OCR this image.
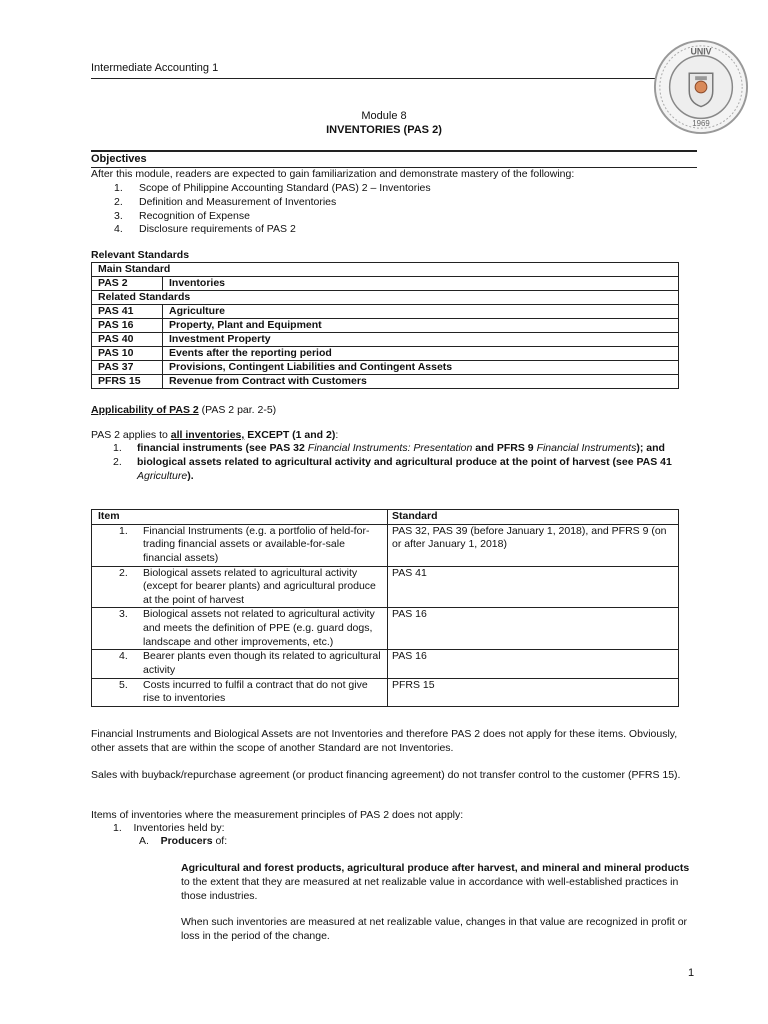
Intermediate Accounting 1
UNIV
1969
Module 8
INVENTORIES (PAS 2)
Objectives
After this module, readers are expected to gain familiarization and demonstrate mastery of the following:
1.	Scope of Philippine Accounting Standard (PAS) 2 – Inventories
2.	Definition and Measurement of Inventories
3.	Recognition of Expense
4.	Disclosure requirements of PAS 2
Relevant Standards
Main Standard	
PAS 2	Inventories
Related Standards	
PAS 41	Agriculture
PAS 16	Property, Plant and Equipment
PAS 40	Investment Property
PAS 10	Events after the reporting period
PAS 37	Provisions, Contingent Liabilities and Contingent Assets
PFRS 15	Revenue from Contract with Customers
Applicability of PAS 2 (PAS 2 par. 2-5)
PAS 2 applies to all inventories, EXCEPT (1 and 2):
1. financial instruments (see PAS 32 Financial Instruments: Presentation and PFRS 9 Financial Instruments); and
2. biological assets related to agricultural activity and agricultural produce at the point of harvest (see PAS 41 Agriculture).
Item	Standard

1. Financial Instruments (e.g. a portfolio of held-for-trading financial assets or available-for-sale financial assets)	PAS 32, PAS 39 (before January 1, 2018), and PFRS 9 (on or after January 1, 2018)

2. Biological assets related to agricultural activity (except for bearer plants) and agricultural produce at the point of harvest	PAS 41

3. Biological assets not related to agricultural activity and meets the definition of PPE (e.g. guard dogs, landscape and other improvements, etc.)	PAS 16

4. Bearer plants even though its related to agricultural activity	PAS 16

5. Costs incurred to fulfil a contract that do not give rise to inventories	PFRS 15
Financial Instruments and Biological Assets are not Inventories and therefore PAS 2 does not apply for these items. Obviously, other assets that are within the scope of another Standard are not Inventories.
Sales with buyback/repurchase agreement (or product financing agreement) do not transfer control to the customer (PFRS 15).
Items of inventories where the measurement principles of PAS 2 does not apply:
1. Inventories held by:
A. Producers of:
Agricultural and forest products, agricultural produce after harvest, and mineral and mineral products to the extent that they are measured at net realizable value in accordance with well-established practices in those industries.
When such inventories are measured at net realizable value, changes in that value are recognized in profit or loss in the period of the change.
1
